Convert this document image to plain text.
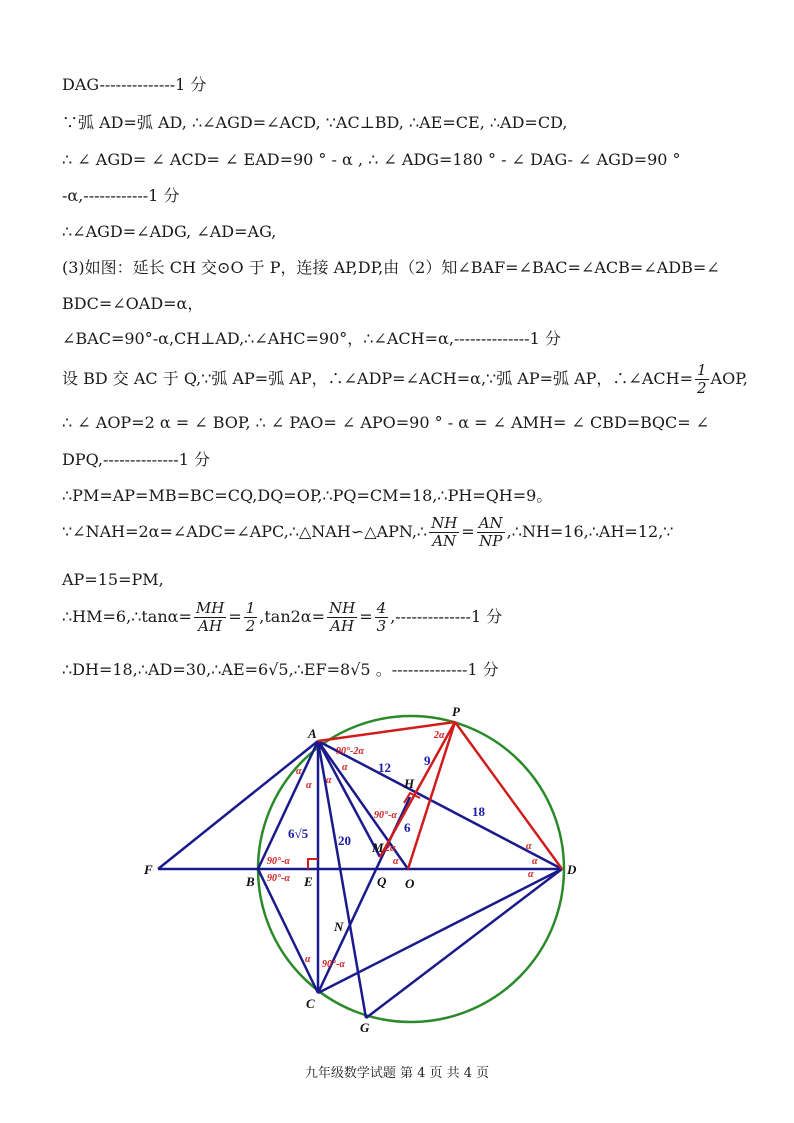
DAG--------------1 分
∵弧 AD=弧 AD, ∴∠AGD=∠ACD, ∵AC⊥BD, ∴AE=CE, ∴AD=CD,
∴ ∠ AGD= ∠ ACD= ∠ EAD=90 ° - α , ∴ ∠ ADG=180 ° - ∠ DAG- ∠ AGD=90 °
-α,------------1 分
∴∠AGD=∠ADG, ∠AD=AG,
(3)如图：延长 CH 交⊙O 于 P，连接 AP,DP,由（2）知∠BAF=∠BAC=∠ACB=∠ADB=∠
BDC=∠OAD=α，
∠BAC=90°-α,CH⊥AD,∴∠AHC=90°，∴∠ACH=α,--------------1 分
设 BD 交 AC 于 Q,∵弧 AP=弧 AP，∴∠ADP=∠ACH=α,∵弧 AP=弧 AP，∴∠ACH= $\frac{1}{2}$ AOP,
∴ ∠ AOP=2 α = ∠ BOP, ∴ ∠ PAO= ∠ APO=90 ° - α = ∠ AMH= ∠ CBD=BQC= ∠
DPQ,--------------1 分
∴PM=AP=MB=BC=CQ,DQ=OP,∴PQ=CM=18,∴PH=QH=9。
∵∠NAH=2α=∠ADC=∠APC,∴△NAH∽△APN,∴ $\frac{NH}{AN} = \frac{AN}{NP}$ ,∴NH=16,∴AH=12,∵
AP=15=PM,
∴HM=6,∴tanα= $\frac{MH}{AH} = \frac{1}{2} ,\tan 2\alpha= \frac{NH}{AH} = \frac{4}{3} ,--------------1$ 分
∴DH=18,∴AD=30,∴AE=6√5,∴EF=8√5 。--------------1 分
A
P
H
M
F
B	E	Q O
D
N
C
G
12	9
18
6√5 20
6
90°-2α
2α
α
α α
α
90°-α
2α
90°-α
90°-α
α
α
α
α
α 90°-α
九年级数学试题 第 4 页 共 4 页
